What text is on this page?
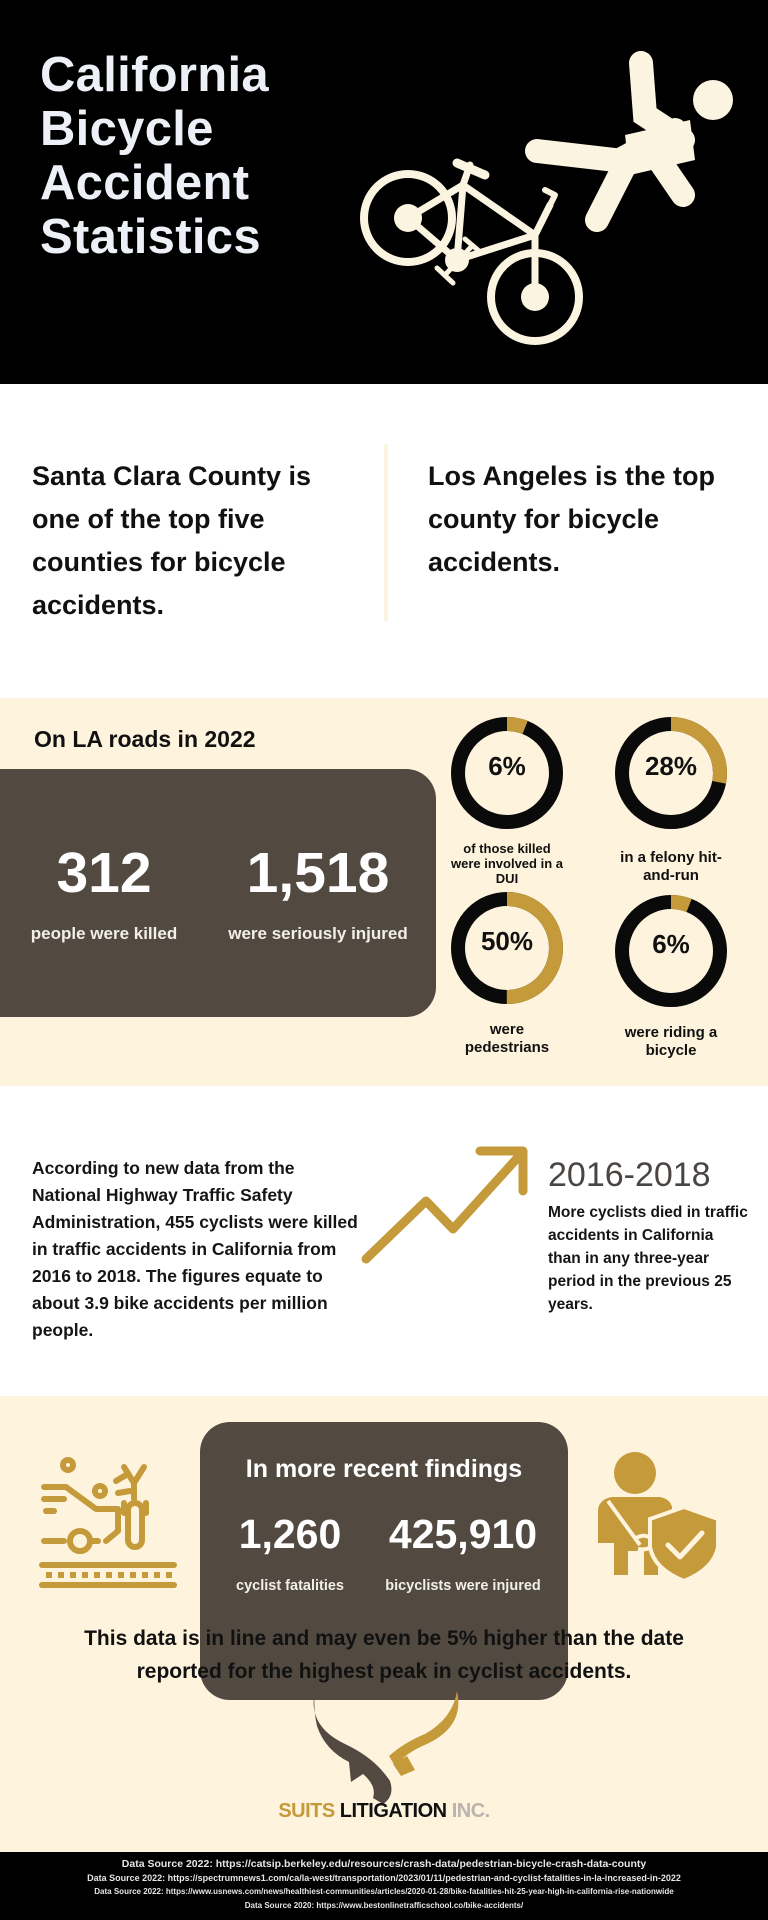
California
Bicycle
Accident
Statistics

Santa Clara County is one of the top five counties for bicycle accidents.

Los Angeles is the top county for bicycle accidents.

On LA roads in 2022
312
people were killed
1,518
were seriously injured
6%
of those killed were involved in a DUI
28%
in a felony hit-and-run
50%
were pedestrians
6%
were riding a bicycle

According to new data from the National Highway Traffic Safety Administration, 455 cyclists were killed in traffic accidents in California from 2016 to 2018. The figures equate to about 3.9 bike accidents per million people.

2016-2018

More cyclists died in traffic accidents in California than in any three-year period in the previous 25 years.

In more recent findings
1,260
cyclist fatalities
425,910
bicyclists were injured

This data is in line and may even be 5% higher than the date reported for the highest peak in cyclist accidents.

SUITS LITIGATION INC.
Data Source 2022: https://catsip.berkeley.edu/resources/crash-data/pedestrian-bicycle-crash-data-county
Data Source 2022: https://spectrumnews1.com/ca/la-west/transportation/2023/01/11/pedestrian-and-cyclist-fatalities-in-la-increased-in-2022
Data Source 2022: https://www.usnews.com/news/healthiest-communities/articles/2020-01-28/bike-fatalities-hit-25-year-high-in-california-rise-nationwide
Data Source 2020: https://www.bestonlinetrafficschool.co/bike-accidents/
